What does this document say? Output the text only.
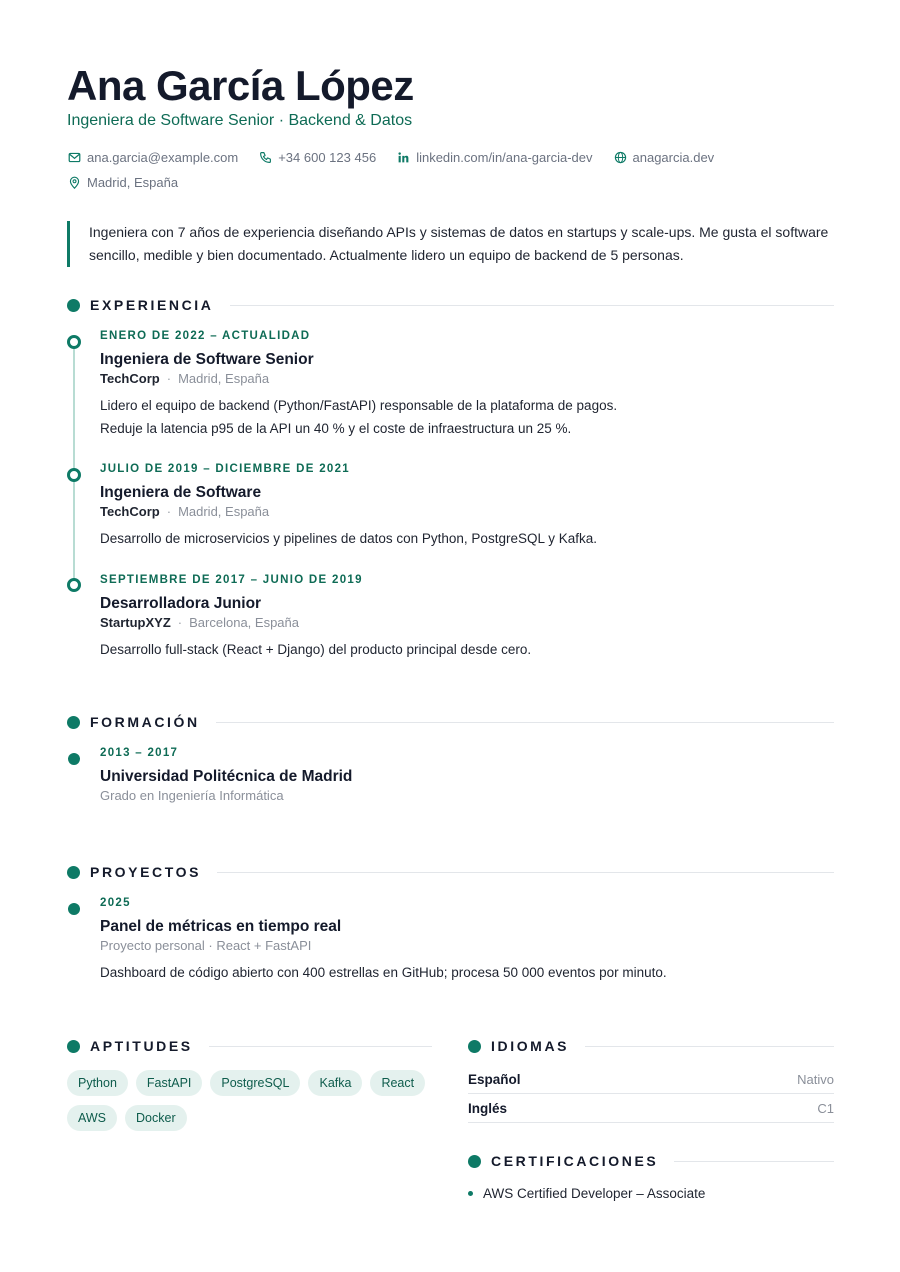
Ana García López
Ingeniera de Software Senior · Backend & Datos
ana.garcia@example.com	+34 600 123 456	linkedin.com/in/ana-garcia-dev	anagarcia.dev
Madrid, España
Ingeniera con 7 años de experiencia diseñando APIs y sistemas de datos en startups y scale-ups. Me gusta el software sencillo, medible y bien documentado. Actualmente lidero un equipo de backend de 5 personas.
EXPERIENCIA
ENERO DE 2022 – ACTUALIDAD
Ingeniera de Software Senior
TechCorp · Madrid, España
Lidero el equipo de backend (Python/FastAPI) responsable de la plataforma de pagos.
Reduje la latencia p95 de la API un 40 % y el coste de infraestructura un 25 %.
JULIO DE 2019 – DICIEMBRE DE 2021
Ingeniera de Software
TechCorp · Madrid, España
Desarrollo de microservicios y pipelines de datos con Python, PostgreSQL y Kafka.
SEPTIEMBRE DE 2017 – JUNIO DE 2019
Desarrolladora Junior
StartupXYZ · Barcelona, España
Desarrollo full-stack (React + Django) del producto principal desde cero.
FORMACIÓN
2013 – 2017
Universidad Politécnica de Madrid
Grado en Ingeniería Informática
PROYECTOS
2025
Panel de métricas en tiempo real
Proyecto personal · React + FastAPI
Dashboard de código abierto con 400 estrellas en GitHub; procesa 50 000 eventos por minuto.
APTITUDES
Python	FastAPI	PostgreSQL	Kafka	React
AWS	Docker
IDIOMAS
Español	Nativo
Inglés	C1
CERTIFICACIONES
AWS Certified Developer – Associate
